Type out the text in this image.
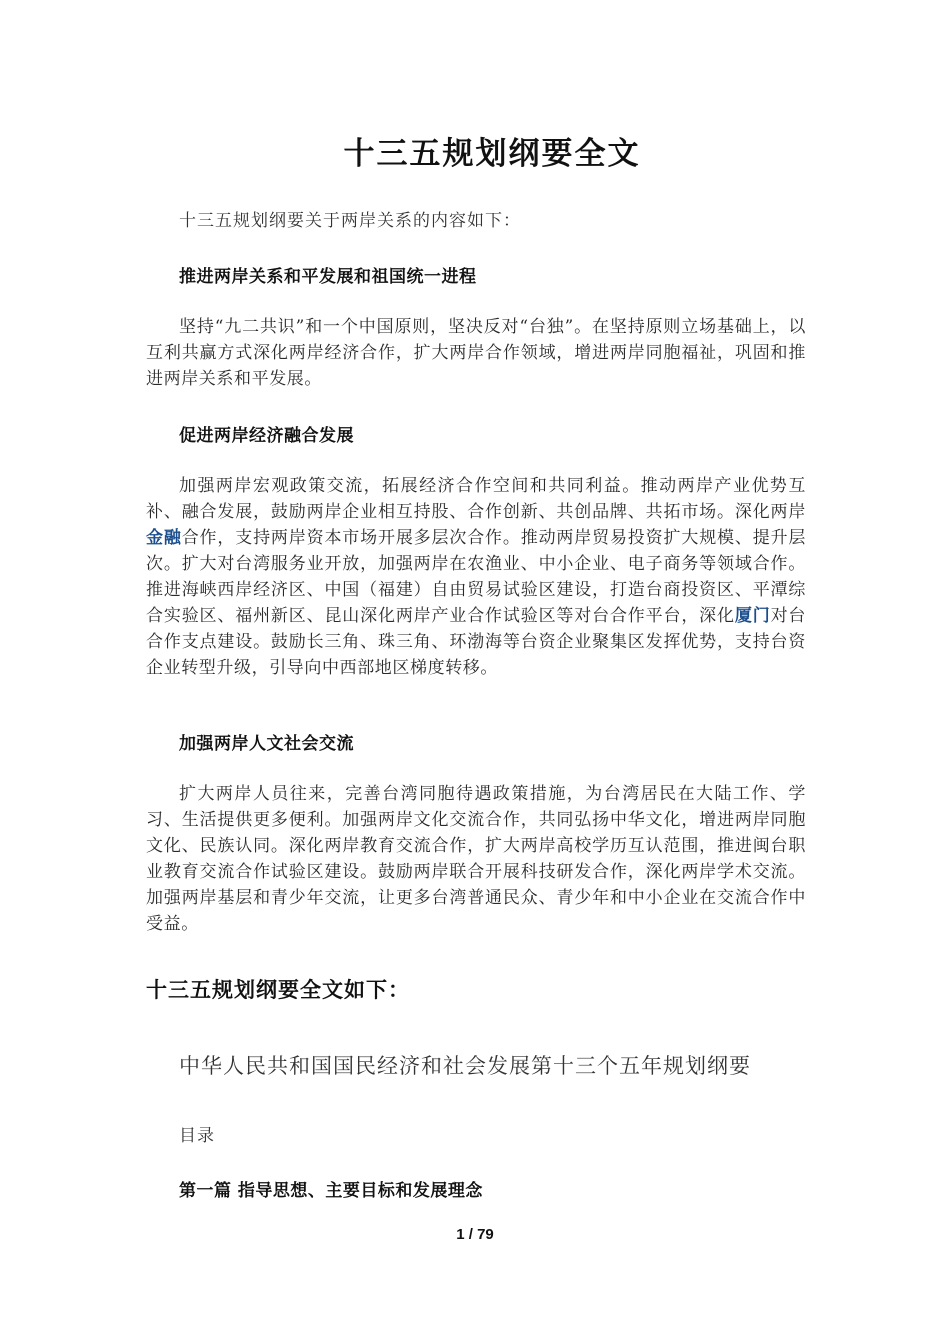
十三五规划纲要全文
十三五规划纲要关于两岸关系的内容如下：
推进两岸关系和平发展和祖国统一进程
坚持“九二共识”和一个中国原则，坚决反对“台独”。在坚持原则立场基础上，以互利共赢方式深化两岸经济合作，扩大两岸合作领域，增进两岸同胞福祉，巩固和推进两岸关系和平发展。
促进两岸经济融合发展
加强两岸宏观政策交流，拓展经济合作空间和共同利益。推动两岸产业优势互补、融合发展，鼓励两岸企业相互持股、合作创新、共创品牌、共拓市场。深化两岸金融合作，支持两岸资本市场开展多层次合作。推动两岸贸易投资扩大规模、提升层次。扩大对台湾服务业开放，加强两岸在农渔业、中小企业、电子商务等领域合作。推进海峡西岸经济区、中国（福建）自由贸易试验区建设，打造台商投资区、平潭综合实验区、福州新区、昆山深化两岸产业合作试验区等对台合作平台，深化厦门对台合作支点建设。鼓励长三角、珠三角、环渤海等台资企业聚集区发挥优势，支持台资企业转型升级，引导向中西部地区梯度转移。
加强两岸人文社会交流
扩大两岸人员往来，完善台湾同胞待遇政策措施，为台湾居民在大陆工作、学习、生活提供更多便利。加强两岸文化交流合作，共同弘扬中华文化，增进两岸同胞文化、民族认同。深化两岸教育交流合作，扩大两岸高校学历互认范围，推进闽台职业教育交流合作试验区建设。鼓励两岸联合开展科技研发合作，深化两岸学术交流。加强两岸基层和青少年交流，让更多台湾普通民众、青少年和中小企业在交流合作中受益。
十三五规划纲要全文如下：
中华人民共和国国民经济和社会发展第十三个五年规划纲要
目录
第一篇 指导思想、主要目标和发展理念
1 / 79
